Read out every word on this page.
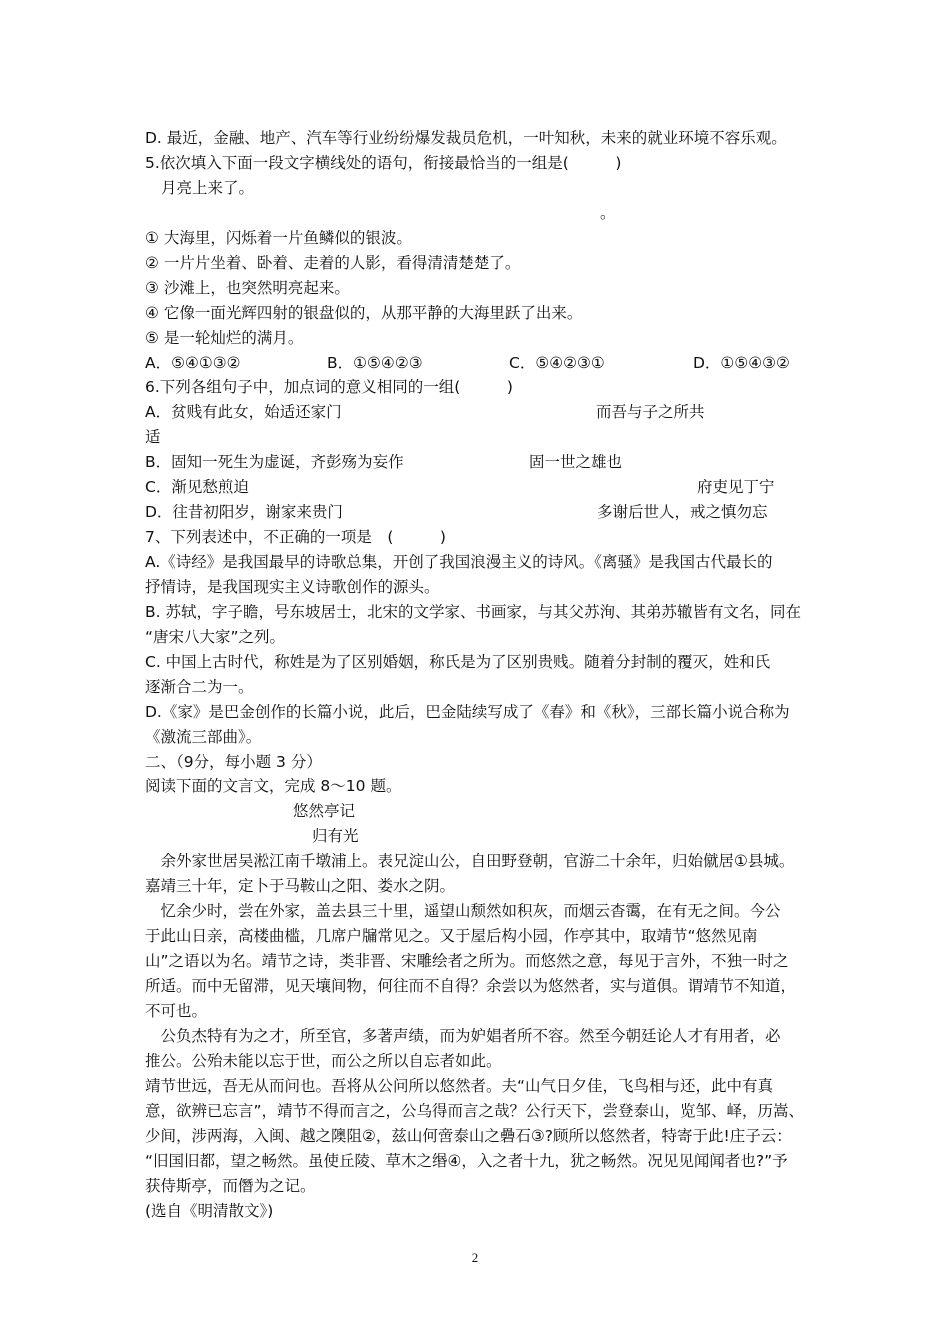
D. 最近，金融、地产、汽车等行业纷纷爆发裁员危机，一叶知秋，未来的就业环境不容乐观。
5.依次填入下面一段文字横线处的语句，衔接最恰当的一组是(　　　)
月亮上来了。
。
① 大海里，闪烁着一片鱼鳞似的银波。
② 一片片坐着、卧着、走着的人影，看得清清楚楚了。
③ 沙滩上，也突然明亮起来。
④ 它像一面光辉四射的银盘似的，从那平静的大海里跃了出来。
⑤ 是一轮灿烂的满月。
A．⑤④①③②	B．①⑤④②③	C．⑤④②③①	D．①⑤④③②
6.下列各组句子中，加点词的意义相同的一组(　　　)
A．贫贱有此女，始适还家门	而吾与子之所共
适
B．固知一死生为虚诞，齐彭殇为妄作	固一世之雄也
C．渐见愁煎迫	府吏见丁宁
D．往昔初阳岁，谢家来贵门	多谢后世人，戒之慎勿忘
7、下列表述中，不正确的一项是　(　　　)
A.《诗经》是我国最早的诗歌总集，开创了我国浪漫主义的诗风。《离骚》是我国古代最长的
抒情诗，是我国现实主义诗歌创作的源头。
B. 苏轼，字子瞻，号东坡居士，北宋的文学家、书画家，与其父苏洵、其弟苏辙皆有文名，同在
“唐宋八大家”之列。
C. 中国上古时代，称姓是为了区别婚姻，称氏是为了区别贵贱。随着分封制的覆灭，姓和氏
逐渐合二为一。
D.《家》是巴金创作的长篇小说，此后，巴金陆续写成了《春》和《秋》，三部长篇小说合称为
《激流三部曲》。
二、（9分，每小题 3 分）
阅读下面的文言文，完成 8～10 题。
悠然亭记
归有光
　余外家世居吴淞江南千墩浦上。表兄淀山公，自田野登朝，官游二十余年，归始僦居①县城。
嘉靖三十年，定卜于马鞍山之阳、娄水之阴。
　忆余少时，尝在外家，盖去县三十里，遥望山颓然如积灰，而烟云杳霭，在有无之间。今公
于此山日亲，高楼曲槛，几席户牖常见之。又于屋后构小园，作亭其中，取靖节“悠然见南
山”之语以为名。靖节之诗，类非晋、宋雕绘者之所为。而悠然之意，每见于言外，不独一时之
所适。而中无留滞，见天壤间物，何往而不自得？余尝以为悠然者，实与道俱。谓靖节不知道，
不可也。
　公负杰特有为之才，所至官，多著声绩，而为妒娼者所不容。然至今朝廷论人才有用者，必
推公。公殆未能以忘于世，而公之所以自忘者如此。
靖节世远，吾无从而问也。吾将从公问所以悠然者。夫“山气日夕佳，飞鸟相与还，此中有真
意，欲辨已忘言”，靖节不得而言之，公乌得而言之哉？公行天下，尝登泰山，览邹、峄，历嵩、
少间，涉两海，入闽、越之隩阻②，兹山何啻泰山之礨石③?顾所以悠然者，特寄于此!庄子云：
“旧国旧都，望之畅然。虽使丘陵、草木之缗④，入之者十九，犹之畅然。况见见闻闻者也?”予
获侍斯亭，而僭为之记。
(选自《明清散文》)
2
